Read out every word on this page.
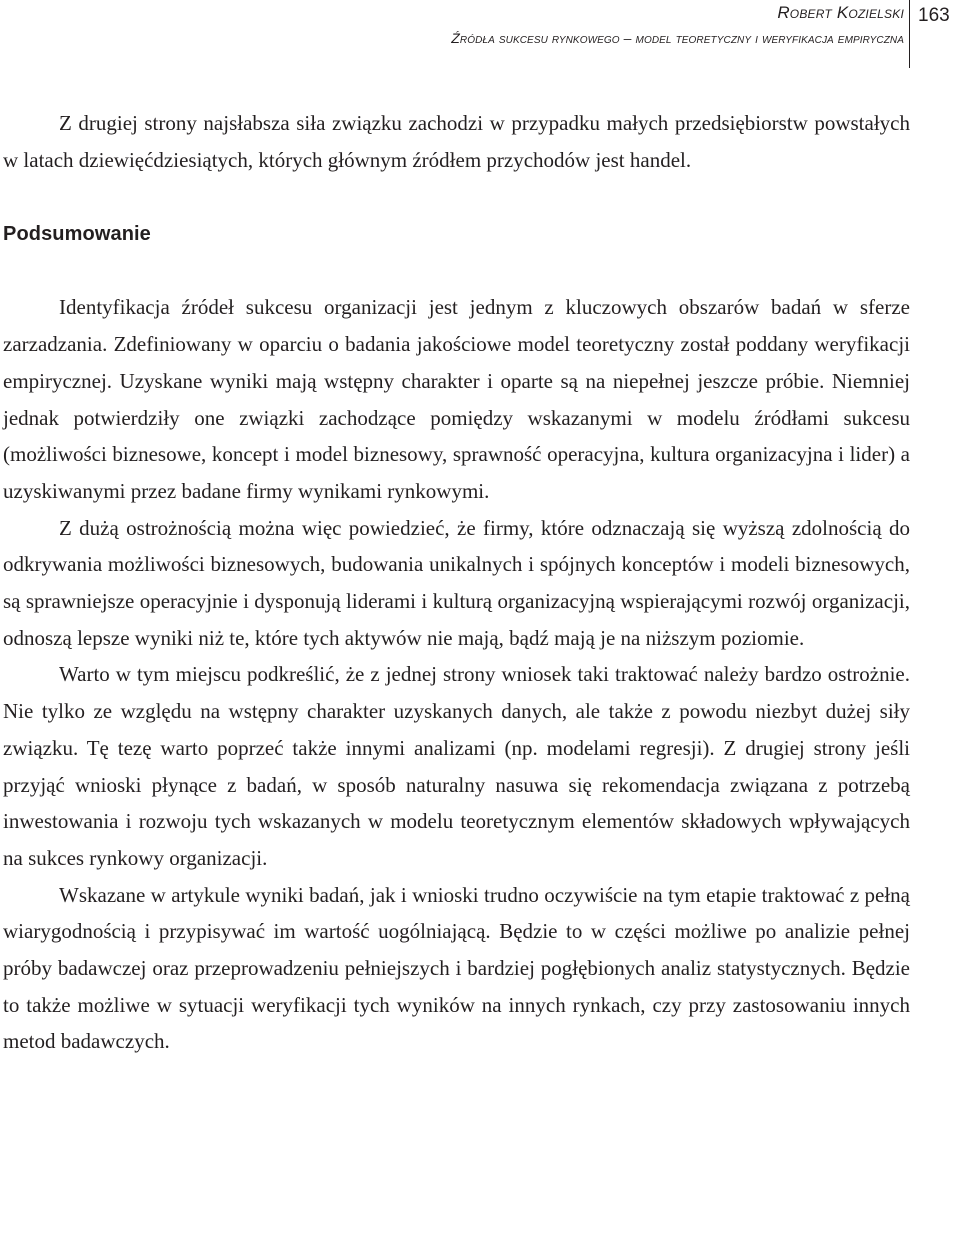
Robert Kozielski
Źródła sukcesu rynkowego – model teoretyczny i weryfikacja empiryczna
163

Z drugiej strony najsłabsza siła związku zachodzi w przypadku małych przedsiębiorstw powstałych w latach dziewięćdziesiątych, których głównym źródłem przychodów jest handel.

Podsumowanie

Identyfikacja źródeł sukcesu organizacji jest jednym z kluczowych obszarów badań w sferze zarzadzania. Zdefiniowany w oparciu o badania jakościowe model teoretyczny został poddany weryfikacji empirycznej. Uzyskane wyniki mają wstępny charakter i oparte są na niepełnej jeszcze próbie. Niemniej jednak potwierdziły one związki zachodzące pomiędzy wskazanymi w modelu źródłami sukcesu (możliwości biznesowe, koncept i model biznesowy, sprawność operacyjna, kultura organizacyjna i lider) a uzyskiwanymi przez badane firmy wynikami rynkowymi.

Z dużą ostrożnością można więc powiedzieć, że firmy, które odznaczają się wyższą zdolnością do odkrywania możliwości biznesowych, budowania unikalnych i spójnych konceptów i modeli biznesowych, są sprawniejsze operacyjnie i dysponują liderami i kulturą organizacyjną wspierającymi rozwój organizacji, odnoszą lepsze wyniki niż te, które tych aktywów nie mają, bądź mają je na niższym poziomie.

Warto w tym miejscu podkreślić, że z jednej strony wniosek taki traktować należy bardzo ostrożnie. Nie tylko ze względu na wstępny charakter uzyskanych danych, ale także z powodu niezbyt dużej siły związku. Tę tezę warto poprzeć także innymi analizami (np. modelami regresji). Z drugiej strony jeśli przyjąć wnioski płynące z badań, w sposób naturalny nasuwa się rekomendacja związana z potrzebą inwestowania i rozwoju tych wskazanych w modelu teoretycznym elementów składowych wpływających na sukces rynkowy organizacji.

Wskazane w artykule wyniki badań, jak i wnioski trudno oczywiście na tym etapie traktować z pełną wiarygodnością i przypisywać im wartość uogólniającą. Będzie to w części możliwe po analizie pełnej próby badawczej oraz przeprowadzeniu pełniejszych i bardziej pogłębionych analiz statystycznych. Będzie to także możliwe w sytuacji weryfikacji tych wyników na innych rynkach, czy przy zastosowaniu innych metod badawczych.
